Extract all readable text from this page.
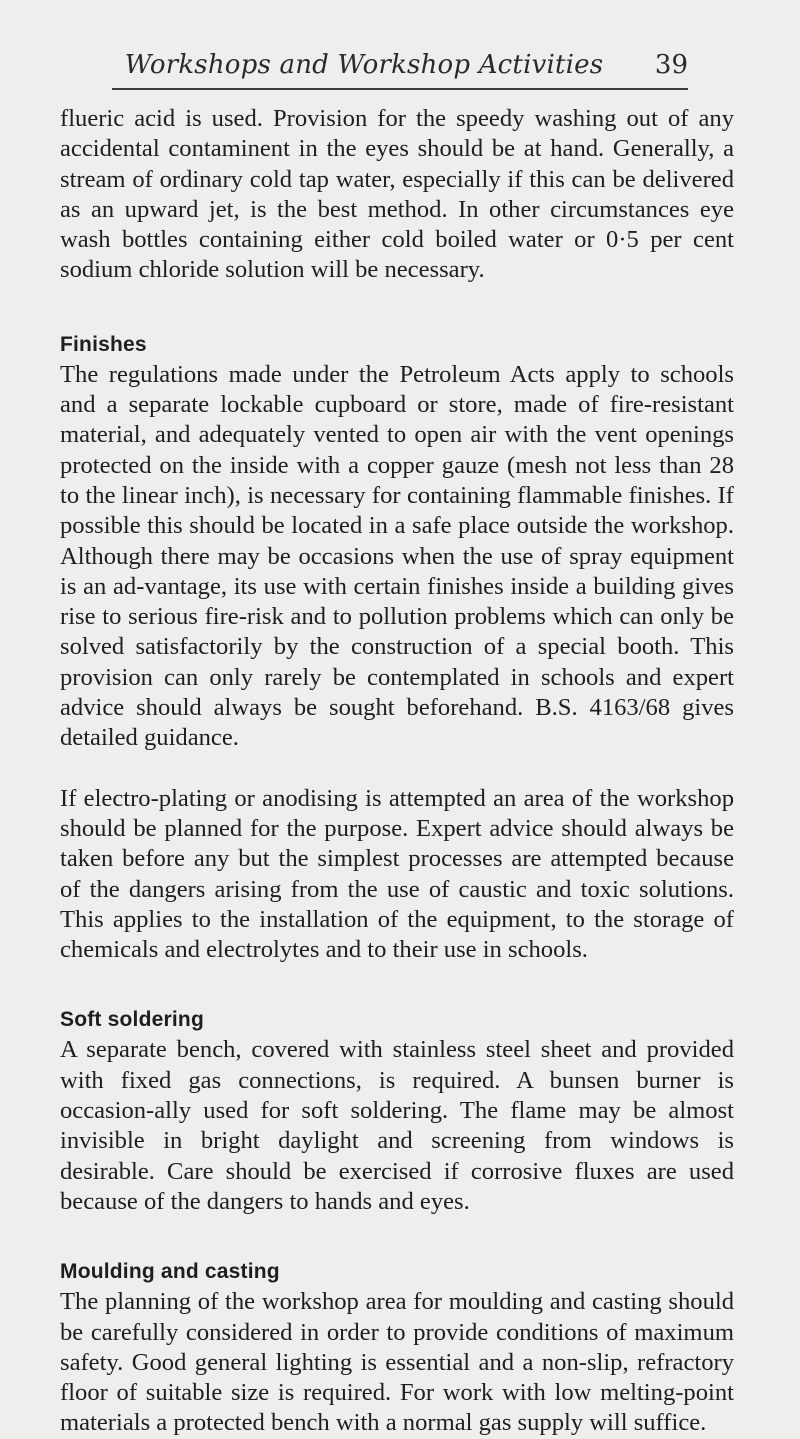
Workshops and Workshop Activities	39

flueric acid is used. Provision for the speedy washing out of any accidental contaminent in the eyes should be at hand. Generally, a stream of ordinary cold tap water, especially if this can be delivered as an upward jet, is the best method. In other circumstances eye wash bottles containing either cold boiled water or 0·5 per cent sodium chloride solution will be necessary.

Finishes

The regulations made under the Petroleum Acts apply to schools and a separate lockable cupboard or store, made of fire-resistant material, and adequately vented to open air with the vent openings protected on the inside with a copper gauze (mesh not less than 28 to the linear inch), is necessary for containing flammable finishes. If possible this should be located in a safe place outside the workshop. Although there may be occasions when the use of spray equipment is an ad-vantage, its use with certain finishes inside a building gives rise to serious fire-risk and to pollution problems which can only be solved satisfactorily by the construction of a special booth. This provision can only rarely be contemplated in schools and expert advice should always be sought beforehand. B.S. 4163/68 gives detailed guidance.

If electro-plating or anodising is attempted an area of the workshop should be planned for the purpose. Expert advice should always be taken before any but the simplest processes are attempted because of the dangers arising from the use of caustic and toxic solutions. This applies to the installation of the equipment, to the storage of chemicals and electrolytes and to their use in schools.

Soft soldering

A separate bench, covered with stainless steel sheet and provided with fixed gas connections, is required. A bunsen burner is occasion-ally used for soft soldering. The flame may be almost invisible in bright daylight and screening from windows is desirable. Care should be exercised if corrosive fluxes are used because of the dangers to hands and eyes.

Moulding and casting

The planning of the workshop area for moulding and casting should be carefully considered in order to provide conditions of maximum safety. Good general lighting is essential and a non-slip, refractory floor of suitable size is required. For work with low melting-point materials a protected bench with a normal gas supply will suffice.
